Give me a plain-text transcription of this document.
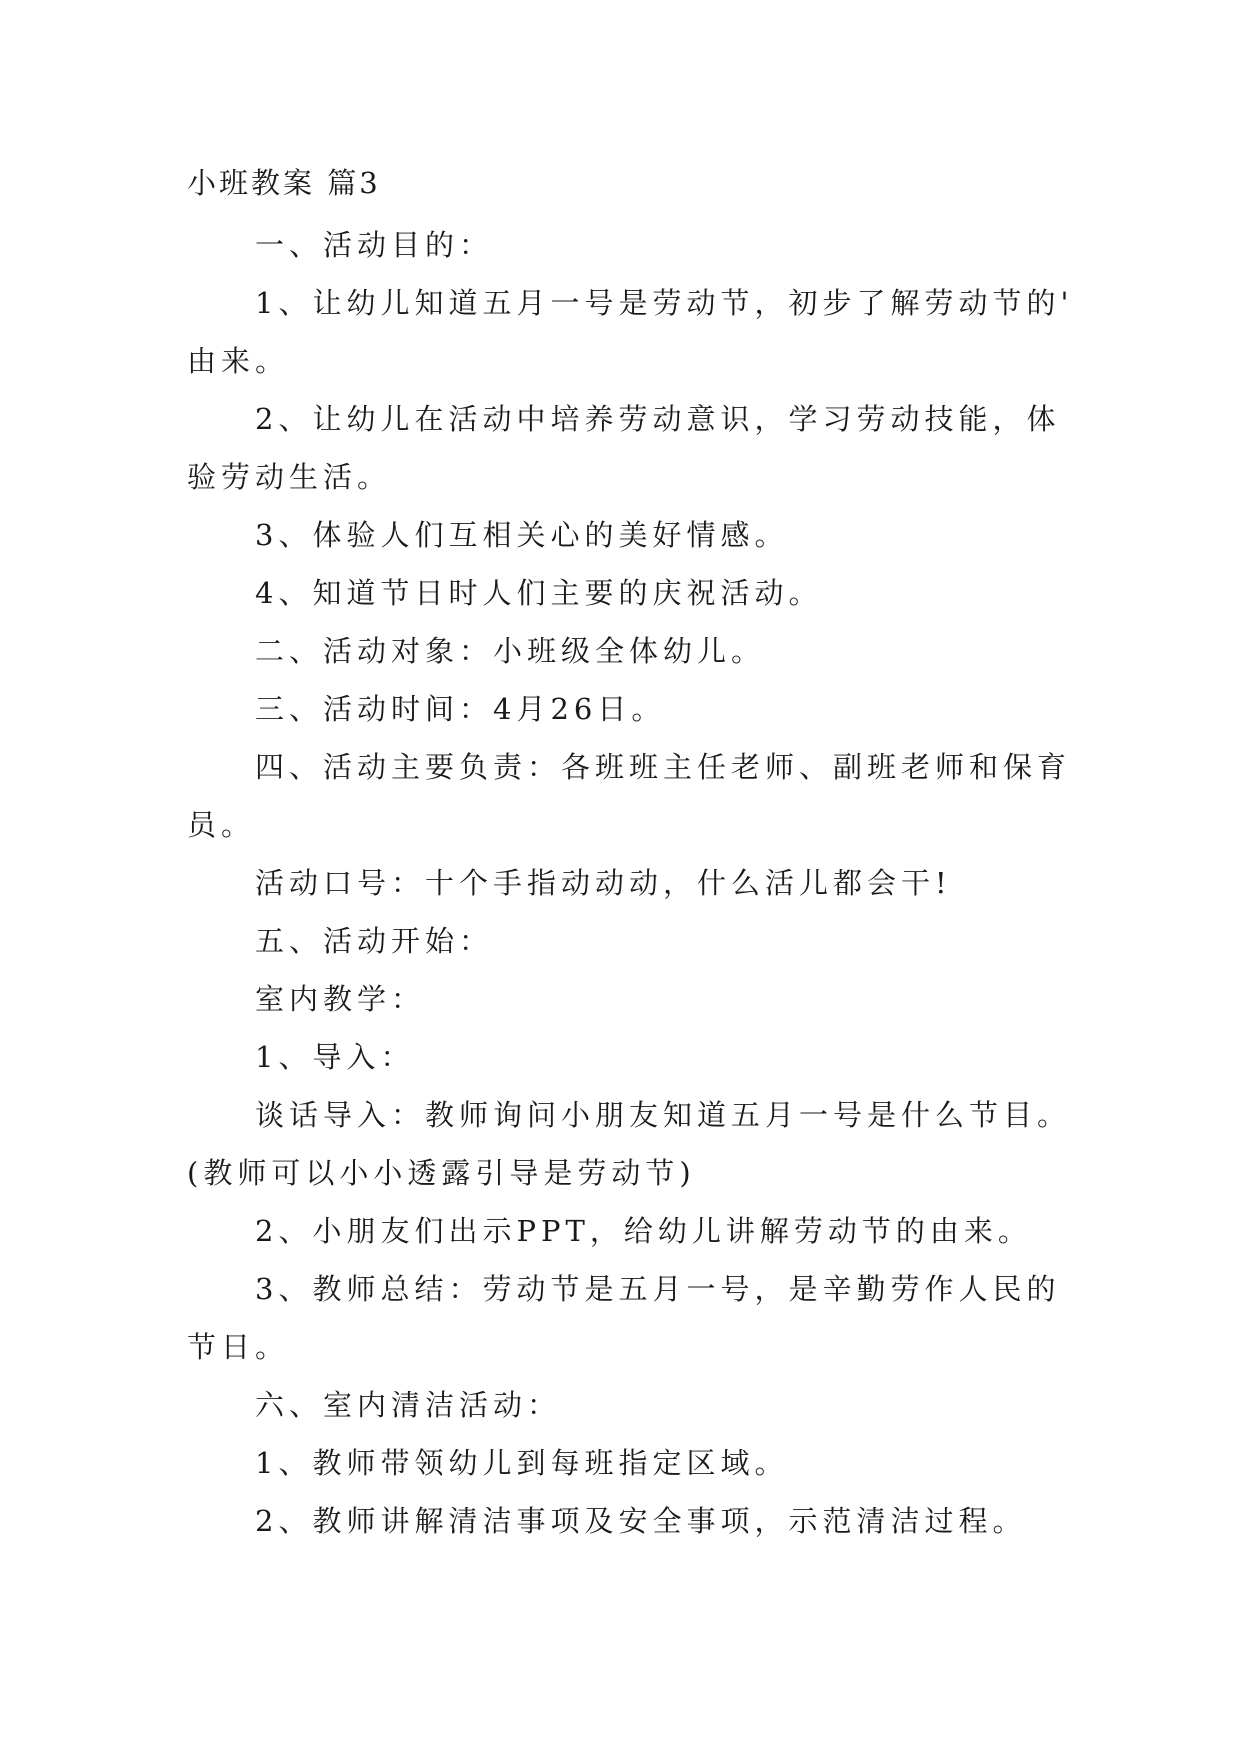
小班教案 篇3

一、活动目的：

1、让幼儿知道五月一号是劳动节，初步了解劳动节的'

由来。

2、让幼儿在活动中培养劳动意识，学习劳动技能，体

验劳动生活。

3、体验人们互相关心的美好情感。

4、知道节日时人们主要的庆祝活动。

二、活动对象：小班级全体幼儿。

三、活动时间：4月26日。

四、活动主要负责：各班班主任老师、副班老师和保育

员。

活动口号：十个手指动动动，什么活儿都会干!

五、活动开始：

室内教学：

1、导入：

谈话导入：教师询问小朋友知道五月一号是什么节目。

(教师可以小小透露引导是劳动节)

2、小朋友们出示PPT，给幼儿讲解劳动节的由来。

3、教师总结：劳动节是五月一号，是辛勤劳作人民的

节日。

六、室内清洁活动：

1、教师带领幼儿到每班指定区域。

2、教师讲解清洁事项及安全事项，示范清洁过程。
